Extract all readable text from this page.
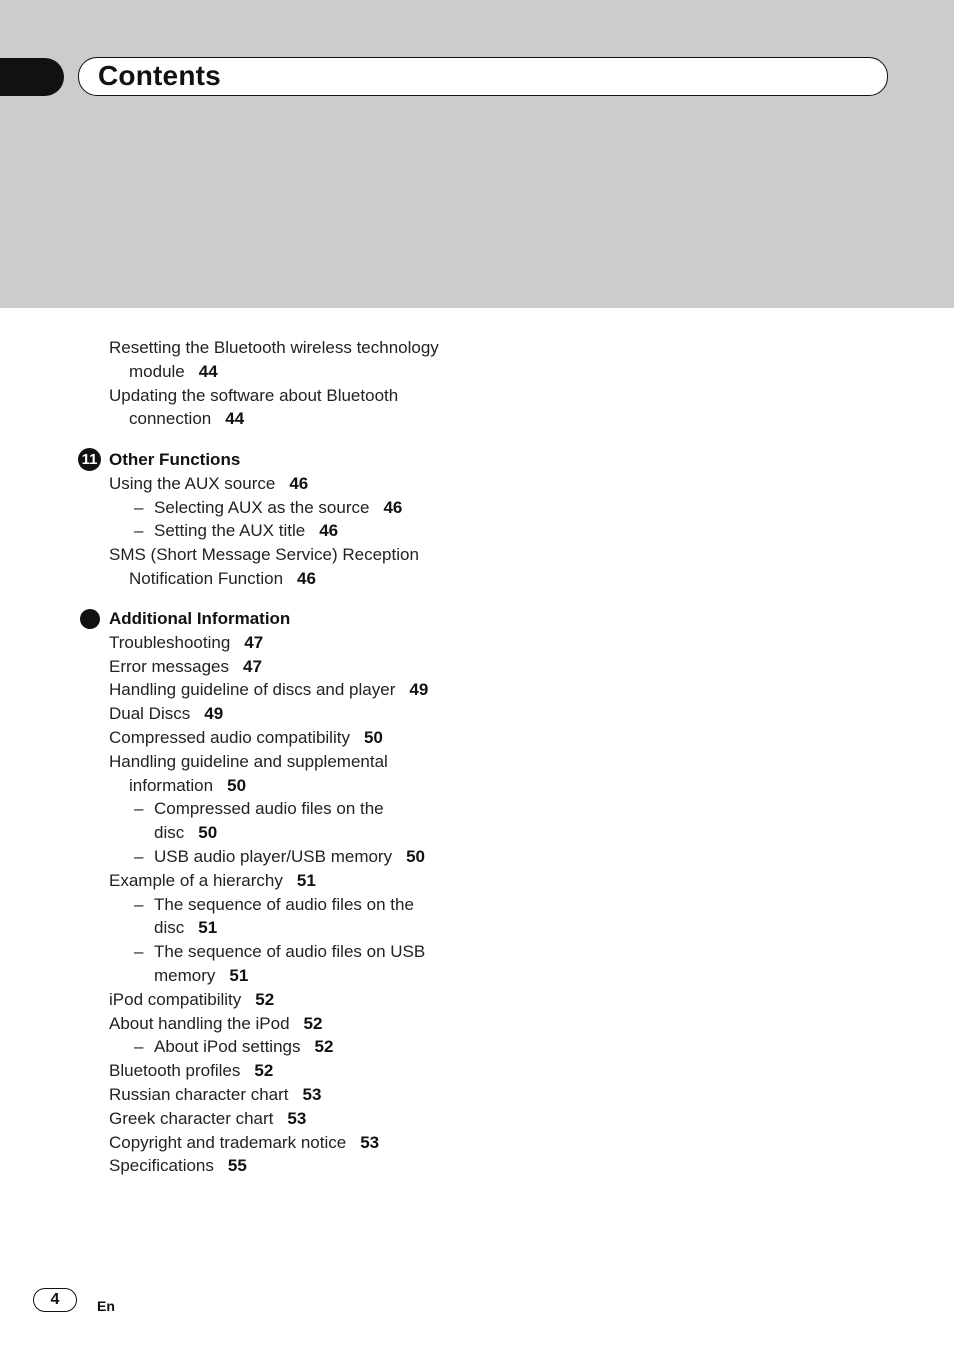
Contents
Resetting the Bluetooth wireless technology
module 44
Updating the software about Bluetooth
connection 44
11 Other Functions
Using the AUX source 46
– Selecting AUX as the source 46
– Setting the AUX title 46
SMS (Short Message Service) Reception
Notification Function 46
Additional Information
Troubleshooting 47
Error messages 47
Handling guideline of discs and player 49
Dual Discs 49
Compressed audio compatibility 50
Handling guideline and supplemental
information 50
– Compressed audio files on the
disc 50
– USB audio player/USB memory 50
Example of a hierarchy 51
– The sequence of audio files on the
disc 51
– The sequence of audio files on USB
memory 51
iPod compatibility 52
About handling the iPod 52
– About iPod settings 52
Bluetooth profiles 52
Russian character chart 53
Greek character chart 53
Copyright and trademark notice 53
Specifications 55
4	En
